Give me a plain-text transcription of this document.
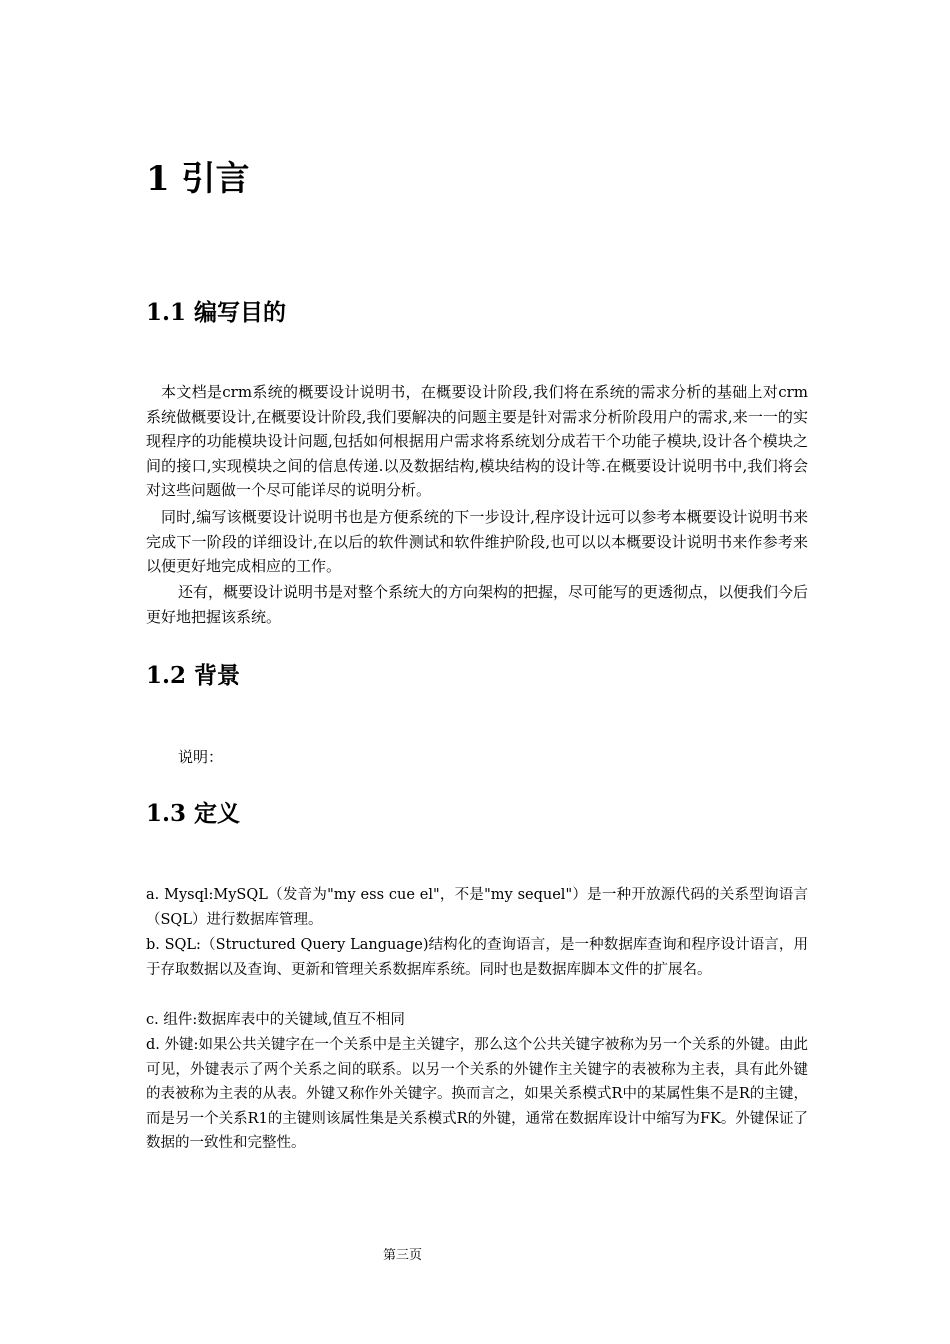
1 引言
1.1 编写目的

本文档是crm系统的概要设计说明书，在概要设计阶段,我们将在系统的需求分析的基础上对crm系统做概要设计,在概要设计阶段,我们要解决的问题主要是针对需求分析阶段用户的需求,来一一的实现程序的功能模块设计问题,包括如何根据用户需求将系统划分成若干个功能子模块,设计各个模块之间的接口,实现模块之间的信息传递.以及数据结构,模块结构的设计等.在概要设计说明书中,我们将会对这些问题做一个尽可能详尽的说明分析。

同时,编写该概要设计说明书也是方便系统的下一步设计,程序设计远可以参考本概要设计说明书来完成下一阶段的详细设计,在以后的软件测试和软件维护阶段,也可以以本概要设计说明书来作参考来以便更好地完成相应的工作。

还有，概要设计说明书是对整个系统大的方向架构的把握，尽可能写的更透彻点，以便我们今后更好地把握该系统。

1.2 背景

说明：

1.3 定义

a. Mysql:MySQL（发音为"my ess cue el"，不是"my sequel"）是一种开放源代码的关系型询语言（SQL）进行数据库管理。

b. SQL:（Structured Query Language)结构化的查询语言，是一种数据库查询和程序设计语言，用于存取数据以及查询、更新和管理关系数据库系统。同时也是数据库脚本文件的扩展名。

c. 组件:数据库表中的关键域,值互不相同

d. 外键:如果公共关键字在一个关系中是主关键字，那么这个公共关键字被称为另一个关系的外键。由此可见，外键表示了两个关系之间的联系。以另一个关系的外键作主关键字的表被称为主表，具有此外键的表被称为主表的从表。外键又称作外关键字。换而言之，如果关系模式R中的某属性集不是R的主键，而是另一个关系R1的主键则该属性集是关系模式R的外键，通常在数据库设计中缩写为FK。外键保证了数据的一致性和完整性。

第三页
